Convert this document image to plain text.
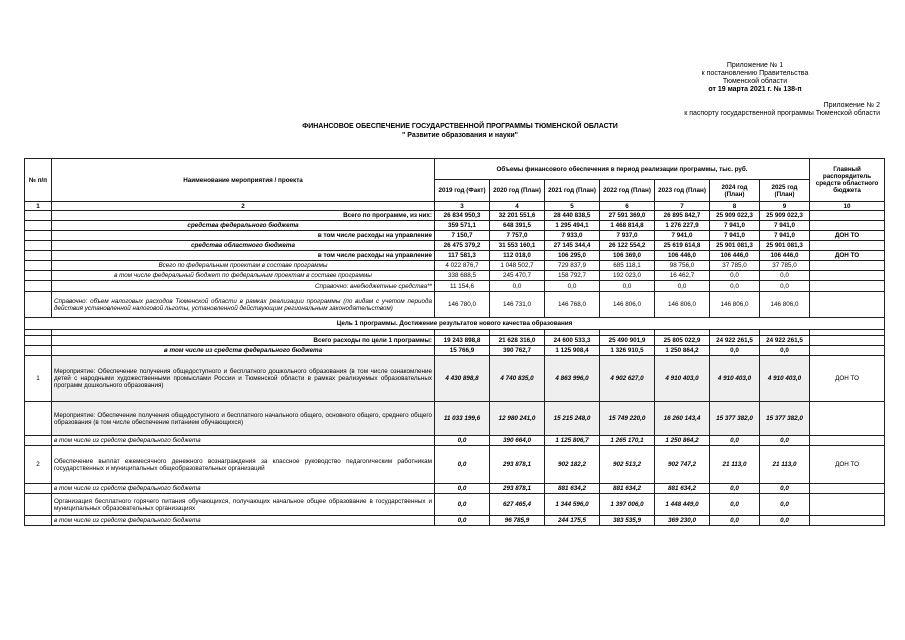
Приложение № 1
к постановлению Правительства
Тюменской области
от 19 марта 2021 г. № 138-п
Приложение № 2
к паспорту государственной программы Тюменской области
ФИНАНСОВОЕ ОБЕСПЕЧЕНИЕ ГОСУДАРСТВЕННОЙ ПРОГРАММЫ ТЮМЕНСКОЙ ОБЛАСТИ
" Развитие образования и науки"
№ п/п	Наименование мероприятия / проекта	Объемы финансового обеспечения в период реализации программы, тыс. руб.							Главный распорядитель средств областного бюджета
		2019 год (Факт)	2020 год (План)	2021 год (План)	2022 год (План)	2023 год (План)	2024 год (План)	2025 год (План)	
1	2	3	4	5	6	7	8	9	10
	Всего по программе, из них:	26 834 950,3	32 201 551,6	28 440 838,5	27 591 369,0	26 895 842,7	25 909 022,3	25 909 022,3	
	средства федерального бюджета	359 571,1	648 391,5	1 295 494,1	1 468 814,8	1 276 227,9	7 941,0	7 941,0	
	в том числе расходы на управление	7 150,7	7 757,0	7 933,0	7 937,0	7 941,0	7 941,0	7 941,0	ДОН ТО
	средства областного бюджета	26 475 379,2	31 553 160,1	27 145 344,4	26 122 554,2	25 619 614,8	25 901 081,3	25 901 081,3	
	в том числе расходы на управление	117 581,3	112 018,0	106 295,0	106 369,0	106 446,0	106 446,0	106 446,0	ДОН ТО
	Всего по федеральным проектам в составе программы	4 022 876,7	1 048 502,7	729 837,9	685 118,1	98 756,0	37 785,0	37 785,0	
	в том числе федеральный бюджет по федеральным проектам в составе программы	338 688,5	245 470,7	158 792,7	192 023,0	16 462,7	0,0	0,0	
	Справочно: внебюджетные средства**	11 154,6	0,0	0,0	0,0	0,0	0,0	0,0	
	Справочно: объем налоговых расходов Тюменской области в рамках реализации программы (по видам с учетом периода действия установленной налоговой льготы, установленной действующим региональным законодательством)	146 780,0	146 731,0	146 768,0	146 806,0	146 806,0	146 806,0	146 806,0	
Цель 1 программы. Достижение результатов нового качества образования									

	Всего расходы по цели 1 программы:	19 243 898,8	21 628 316,0	24 600 533,3	25 490 901,9	25 805 022,9	24 922 261,5	24 922 261,5	
	в том числе из средств федерального бюджета	15 766,9	390 762,7	1 125 908,4	1 326 910,5	1 250 864,2	0,0	0,0	
1	Мероприятие: Обеспечение получения общедоступного и бесплатного дошкольного образования (в том числе ознакомление детей с народными художественными промыслами России и Тюменской области в рамках реализуемых образовательных программ дошкольного образования)	4 430 898,8	4 740 835,0	4 863 996,0	4 902 627,0	4 910 403,0	4 910 403,0	4 910 403,0	ДОН ТО
	Мероприятие: Обеспечение получения общедоступного и бесплатного начального общего, основного общего, среднего общего образования (в том числе обеспечение питанием обучающихся)	11 033 199,6	12 980 241,0	15 215 248,0	15 749 220,0	16 260 143,4	15 377 382,0	15 377 382,0	
	в том числе из средств федерального бюджета	0,0	390 664,0	1 125 806,7	1 265 170,1	1 250 864,2	0,0	0,0	
2	Обеспечение выплат ежемесячного денежного вознаграждения за классное руководство педагогическим работникам государственных и муниципальных общеобразовательных организаций	0,0	293 878,1	902 182,2	902 513,2	902 747,2	21 113,0	21 113,0	ДОН ТО
	в том числе из средств федерального бюджета	0,0	293 878,1	881 634,2	881 634,2	881 634,2	0,0	0,0	
	Организация бесплатного горячего питания обучающихся, получающих начальное общее образование в государственных и муниципальных образовательных организациях	0,0	627 465,4	1 344 596,0	1 397 006,0	1 448 449,0	0,0	0,0	
	в том числе из средств федерального бюджета	0,0	96 785,9	244 175,5	383 535,9	369 230,0	0,0	0,0	
